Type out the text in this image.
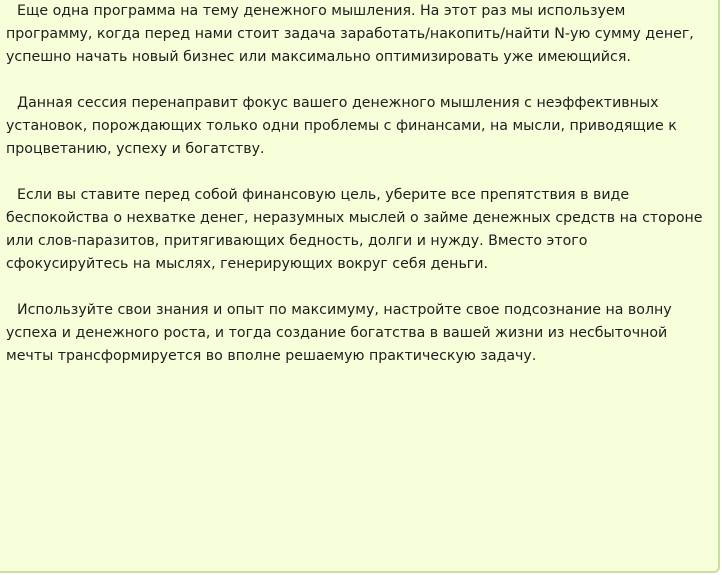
Еще одна программа на тему денежного мышления. На этот раз мы используем программу, когда перед нами стоит задача заработать/накопить/найти N-ую сумму денег, успешно начать новый бизнес или максимально оптимизировать уже имеющийся.

Данная сессия перенаправит фокус вашего денежного мышления с неэффективных установок, порождающих только одни проблемы с финансами, на мысли, приводящие к процветанию, успеху и богатству.

Если вы ставите перед собой финансовую цель, уберите все препятствия в виде беспокойства о нехватке денег, неразумных мыслей о займе денежных средств на стороне или слов-паразитов, притягивающих бедность, долги и нужду. Вместо этого сфокусируйтесь на мыслях, генерирующих вокруг себя деньги.

Используйте свои знания и опыт по максимуму, настройте свое подсознание на волну успеха и денежного роста, и тогда создание богатства в вашей жизни из несбыточной мечты трансформируется во вполне решаемую практическую задачу.
